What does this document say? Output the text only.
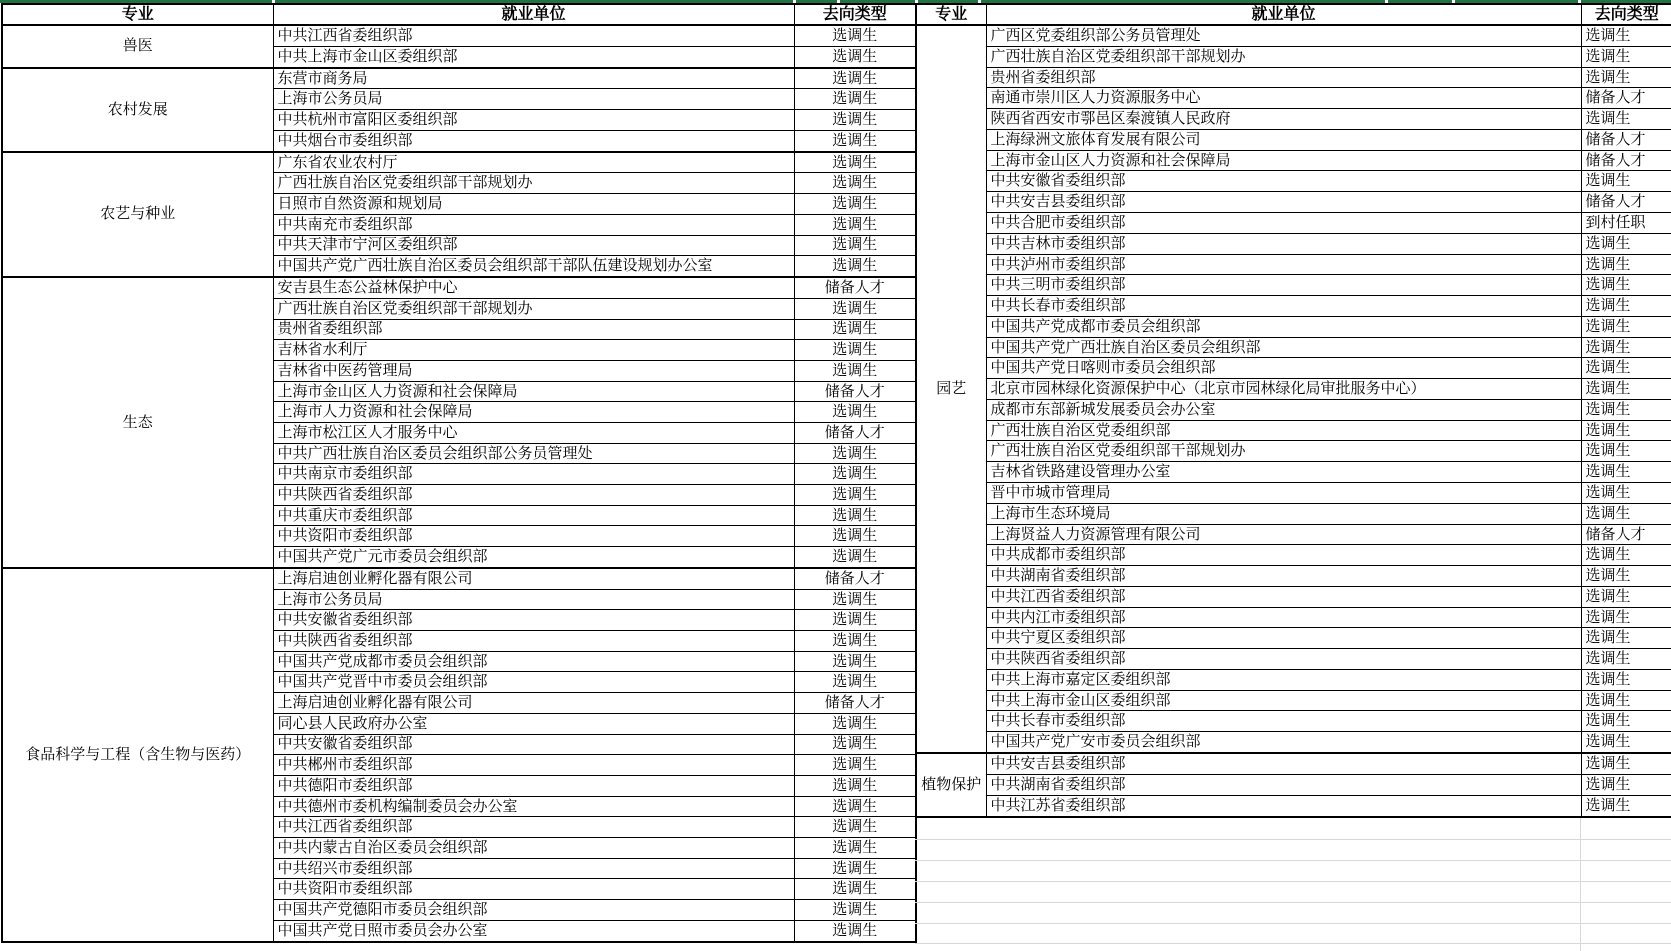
专业	就业单位	去向类型
兽医	中共江西省委组织部	选调生
	中共上海市金山区委组织部	选调生
农村发展	东营市商务局	选调生
	上海市公务员局	选调生
	中共杭州市富阳区委组织部	选调生
	中共烟台市委组织部	选调生
农艺与种业	广东省农业农村厅	选调生
	广西壮族自治区党委组织部干部规划办	选调生
	日照市自然资源和规划局	选调生
	中共南充市委组织部	选调生
	中共天津市宁河区委组织部	选调生
	中国共产党广西壮族自治区委员会组织部干部队伍建设规划办公室	选调生
生态	安吉县生态公益林保护中心	储备人才
	广西壮族自治区党委组织部干部规划办	选调生
	贵州省委组织部	选调生
	吉林省水利厅	选调生
	吉林省中医药管理局	选调生
	上海市金山区人力资源和社会保障局	储备人才
	上海市人力资源和社会保障局	选调生
	上海市松江区人才服务中心	储备人才
	中共广西壮族自治区委员会组织部公务员管理处	选调生
	中共南京市委组织部	选调生
	中共陕西省委组织部	选调生
	中共重庆市委组织部	选调生
	中共资阳市委组织部	选调生
	中国共产党广元市委员会组织部	选调生
食品科学与工程（含生物与医药）	上海启迪创业孵化器有限公司	储备人才
	上海市公务员局	选调生
	中共安徽省委组织部	选调生
	中共陕西省委组织部	选调生
	中国共产党成都市委员会组织部	选调生
	中国共产党晋中市委员会组织部	选调生
	上海启迪创业孵化器有限公司	储备人才
	同心县人民政府办公室	选调生
	中共安徽省委组织部	选调生
	中共郴州市委组织部	选调生
	中共德阳市委组织部	选调生
	中共德州市委机构编制委员会办公室	选调生
	中共江西省委组织部	选调生
	中共内蒙古自治区委员会组织部	选调生
	中共绍兴市委组织部	选调生
	中共资阳市委组织部	选调生
	中国共产党德阳市委员会组织部	选调生
	中国共产党日照市委员会办公室	选调生
专业	就业单位	去向类型
园艺	广西区党委组织部公务员管理处	选调生
	广西壮族自治区党委组织部干部规划办	选调生
	贵州省委组织部	选调生
	南通市崇川区人力资源服务中心	储备人才
	陕西省西安市鄠邑区秦渡镇人民政府	选调生
	上海绿洲文旅体育发展有限公司	储备人才
	上海市金山区人力资源和社会保障局	储备人才
	中共安徽省委组织部	选调生
	中共安吉县委组织部	储备人才
	中共合肥市委组织部	到村任职
	中共吉林市委组织部	选调生
	中共泸州市委组织部	选调生
	中共三明市委组织部	选调生
	中共长春市委组织部	选调生
	中国共产党成都市委员会组织部	选调生
	中国共产党广西壮族自治区委员会组织部	选调生
	中国共产党日喀则市委员会组织部	选调生
	北京市园林绿化资源保护中心（北京市园林绿化局审批服务中心）	选调生
	成都市东部新城发展委员会办公室	选调生
	广西壮族自治区党委组织部	选调生
	广西壮族自治区党委组织部干部规划办	选调生
	吉林省铁路建设管理办公室	选调生
	晋中市城市管理局	选调生
	上海市生态环境局	选调生
	上海贤益人力资源管理有限公司	储备人才
	中共成都市委组织部	选调生
	中共湖南省委组织部	选调生
	中共江西省委组织部	选调生
	中共内江市委组织部	选调生
	中共宁夏区委组织部	选调生
	中共陕西省委组织部	选调生
	中共上海市嘉定区委组织部	选调生
	中共上海市金山区委组织部	选调生
	中共长春市委组织部	选调生
	中国共产党广安市委员会组织部	选调生
植物保护	中共安吉县委组织部	选调生
	中共湖南省委组织部	选调生
	中共江苏省委组织部	选调生
